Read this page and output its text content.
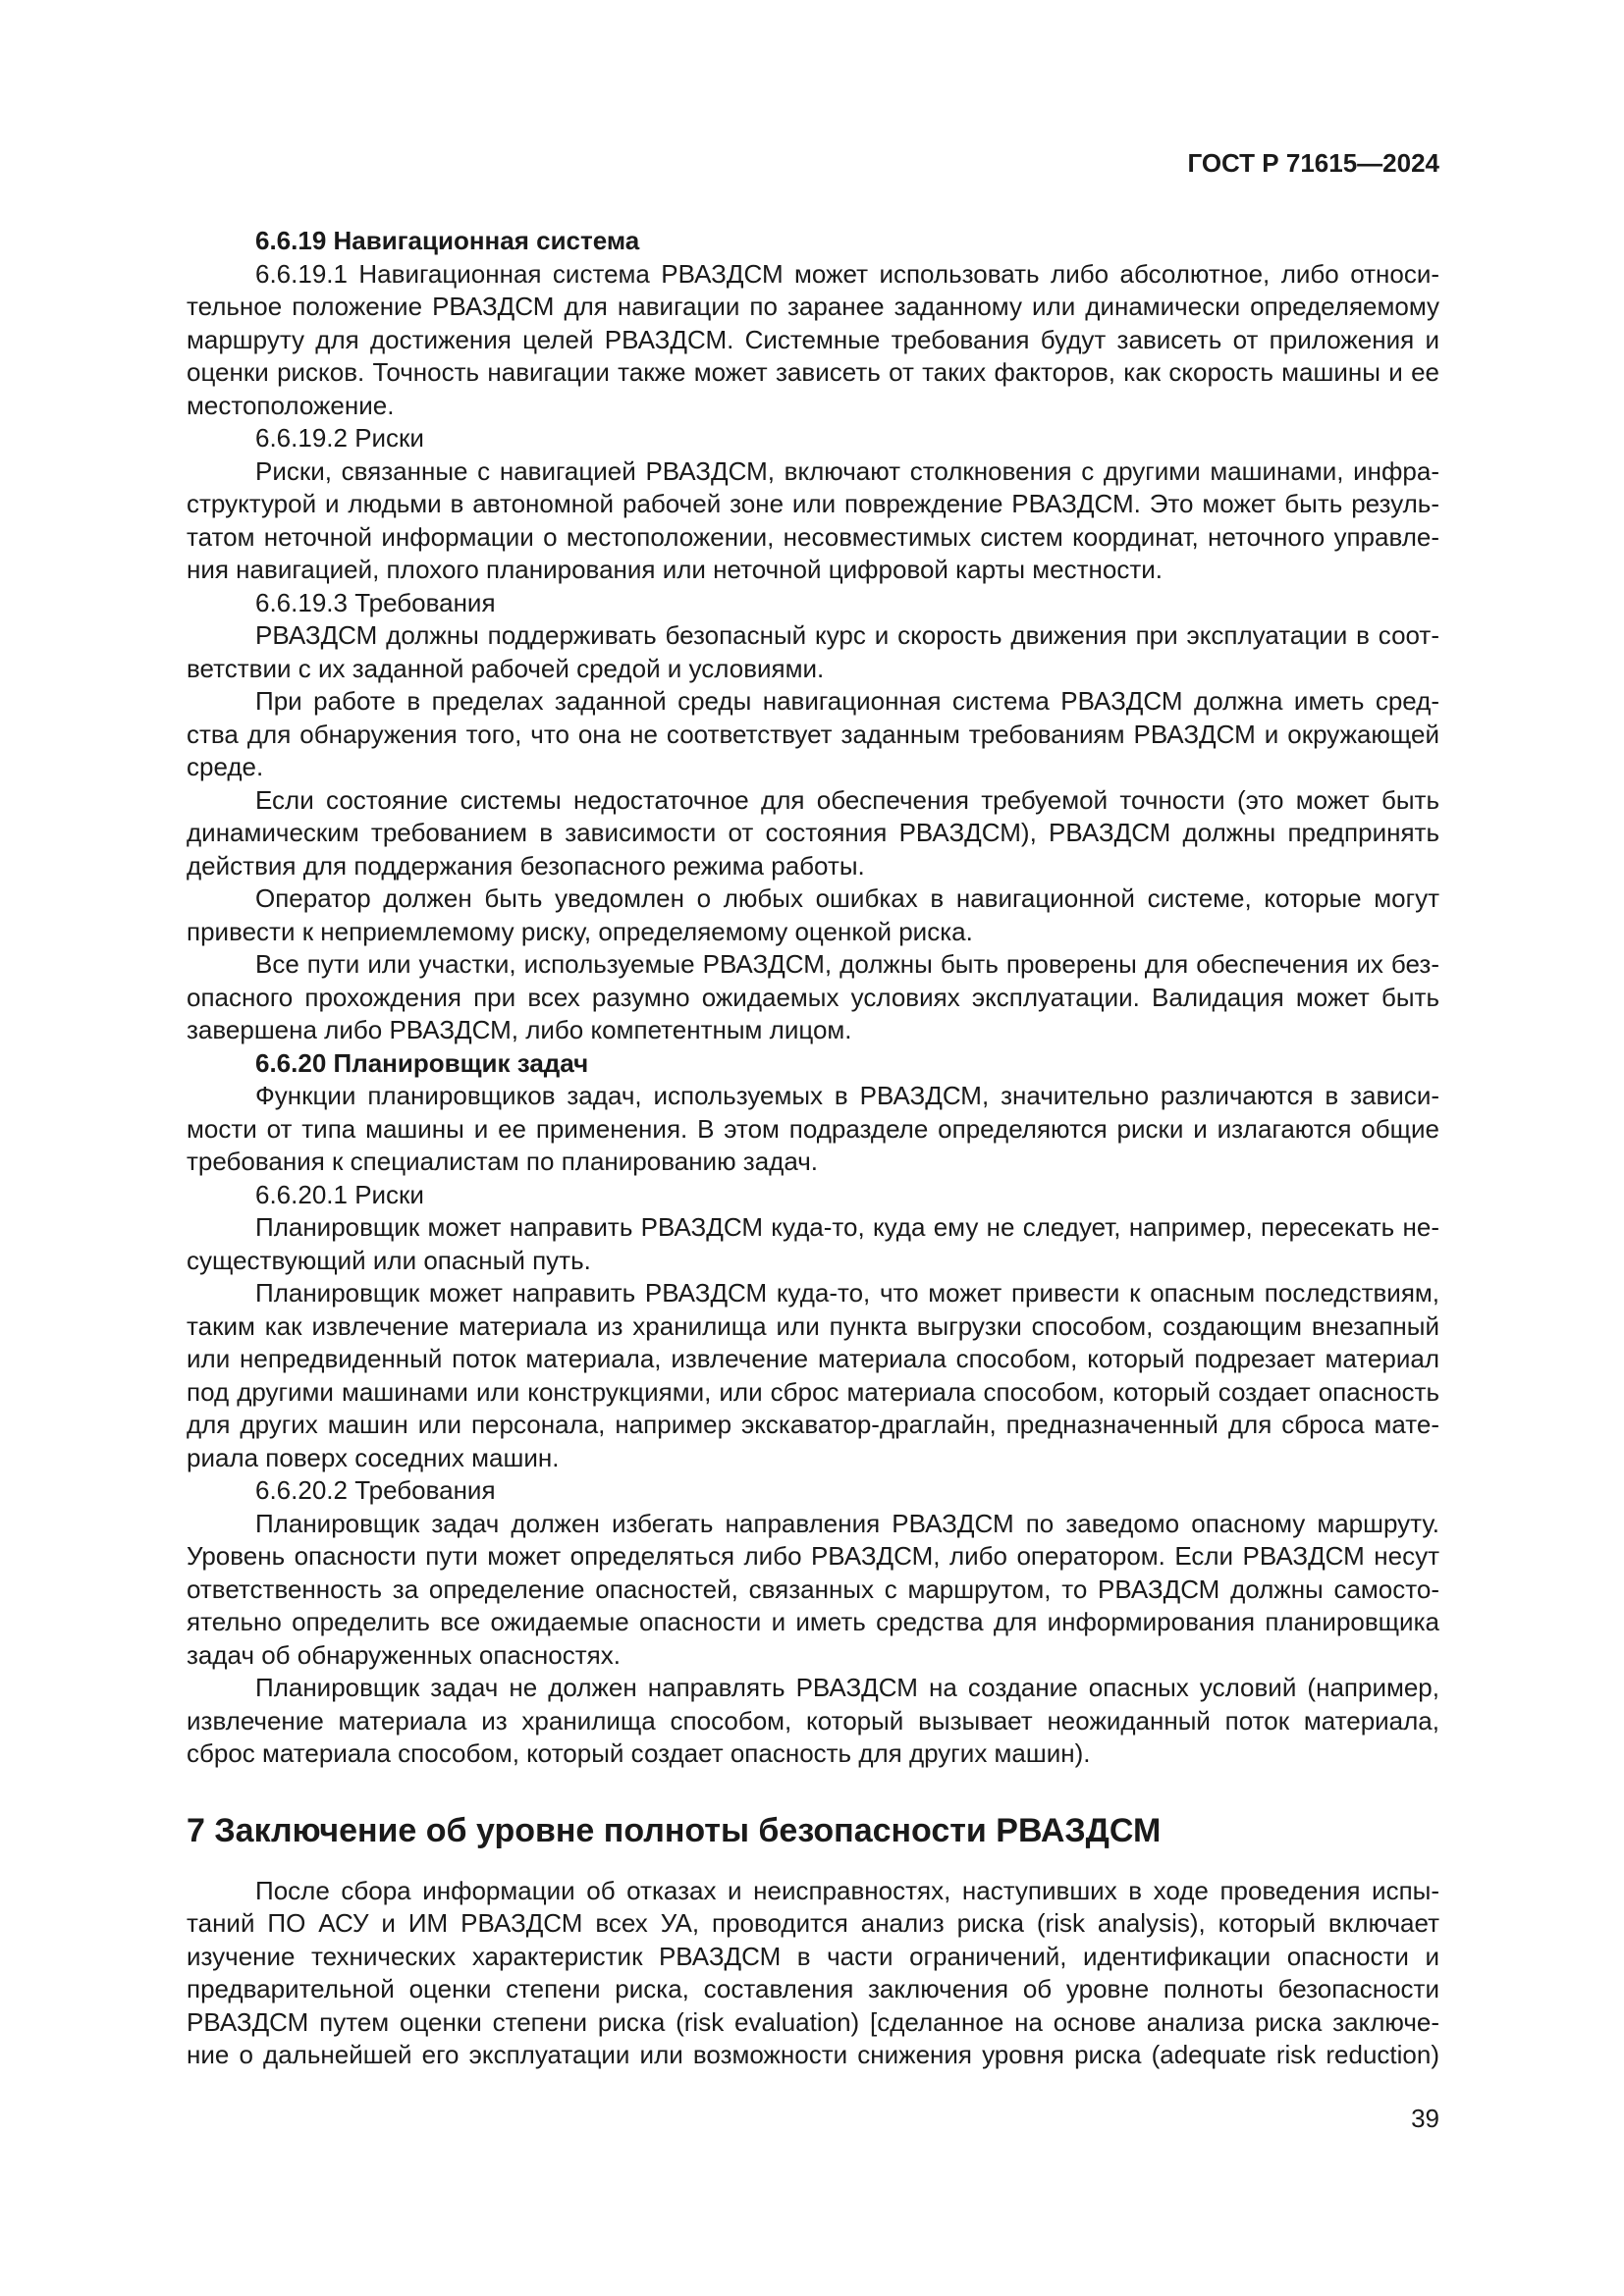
ГОСТ Р 71615—2024
6.6.19 Навигационная система
6.6.19.1 Навигационная система РВАЗДСМ может использовать либо абсолютное, либо относи-
тельное положение РВАЗДСМ для навигации по заранее заданному или динамически определяемому
маршруту для достижения целей РВАЗДСМ. Системные требования будут зависеть от приложения и
оценки рисков. Точность навигации также может зависеть от таких факторов, как скорость машины и ее
местоположение.
6.6.19.2 Риски
Риски, связанные с навигацией РВАЗДСМ, включают столкновения с другими машинами, инфра-
структурой и людьми в автономной рабочей зоне или повреждение РВАЗДСМ. Это может быть резуль-
татом неточной информации о местоположении, несовместимых систем координат, неточного управле-
ния навигацией, плохого планирования или неточной цифровой карты местности.
6.6.19.3 Требования
РВАЗДСМ должны поддерживать безопасный курс и скорость движения при эксплуатации в соот-
ветствии с их заданной рабочей средой и условиями.
При работе в пределах заданной среды навигационная система РВАЗДСМ должна иметь сред-
ства для обнаружения того, что она не соответствует заданным требованиям РВАЗДСМ и окружающей
среде.
Если состояние системы недостаточное для обеспечения требуемой точности (это может быть
динамическим требованием в зависимости от состояния РВАЗДСМ), РВАЗДСМ должны предпринять
действия для поддержания безопасного режима работы.
Оператор должен быть уведомлен о любых ошибках в навигационной системе, которые могут
привести к неприемлемому риску, определяемому оценкой риска.
Все пути или участки, используемые РВАЗДСМ, должны быть проверены для обеспечения их без-
опасного прохождения при всех разумно ожидаемых условиях эксплуатации. Валидация может быть
завершена либо РВАЗДСМ, либо компетентным лицом.
6.6.20 Планировщик задач
Функции планировщиков задач, используемых в РВАЗДСМ, значительно различаются в зависи-
мости от типа машины и ее применения. В этом подразделе определяются риски и излагаются общие
требования к специалистам по планированию задач.
6.6.20.1 Риски
Планировщик может направить РВАЗДСМ куда-то, куда ему не следует, например, пересекать не-
существующий или опасный путь.
Планировщик может направить РВАЗДСМ куда-то, что может привести к опасным последствиям,
таким как извлечение материала из хранилища или пункта выгрузки способом, создающим внезапный
или непредвиденный поток материала, извлечение материала способом, который подрезает материал
под другими машинами или конструкциями, или сброс материала способом, который создает опасность
для других машин или персонала, например экскаватор-драглайн, предназначенный для сброса мате-
риала поверх соседних машин.
6.6.20.2 Требования
Планировщик задач должен избегать направления РВАЗДСМ по заведомо опасному маршруту.
Уровень опасности пути может определяться либо РВАЗДСМ, либо оператором. Если РВАЗДСМ несут
ответственность за определение опасностей, связанных с маршрутом, то РВАЗДСМ должны самосто-
ятельно определить все ожидаемые опасности и иметь средства для информирования планировщика
задач об обнаруженных опасностях.
Планировщик задач не должен направлять РВАЗДСМ на создание опасных условий (например,
извлечение материала из хранилища способом, который вызывает неожиданный поток материала,
сброс материала способом, который создает опасность для других машин).
7 Заключение об уровне полноты безопасности РВАЗДСМ
После сбора информации об отказах и неисправностях, наступивших в ходе проведения испы-
таний ПО АСУ и ИМ РВАЗДСМ всех УА, проводится анализ риска (risk analysis), который включает
изучение технических характеристик РВАЗДСМ в части ограничений, идентификации опасности и
предварительной оценки степени риска, составления заключения об уровне полноты безопасности
РВАЗДСМ путем оценки степени риска (risk evaluation) [сделанное на основе анализа риска заключе-
ние о дальнейшей его эксплуатации или возможности снижения уровня риска (adequate risk reduction)
39
